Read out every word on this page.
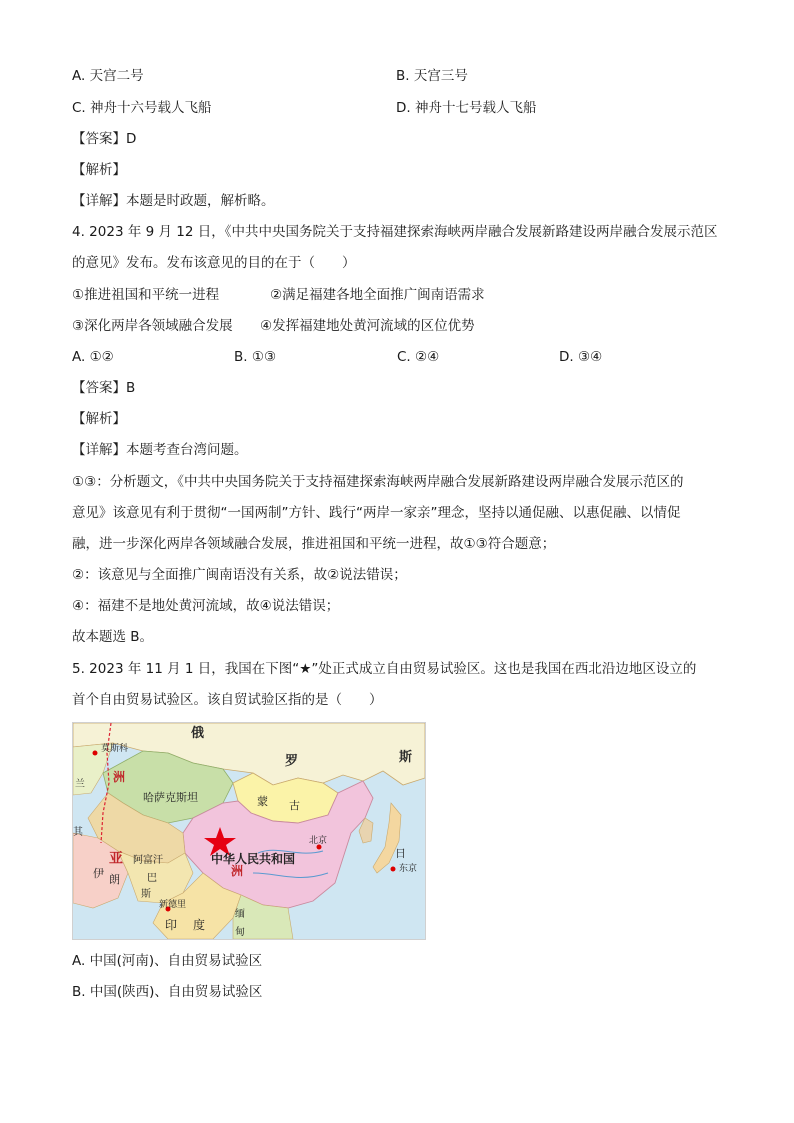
A. 天宫二号	B. 天宫三号
C. 神舟十六号载人飞船	D. 神舟十七号载人飞船
【答案】D
【解析】
【详解】本题是时政题，解析略。
4. 2023 年 9 月 12 日，《中共中央国务院关于支持福建探索海峡两岸融合发展新路建设两岸融合发展示范区
的意见》发布。发布该意见的目的在于（　　）
①推进祖国和平统一进程	②满足福建各地全面推广闽南语需求
③深化两岸各领域融合发展 ④发挥福建地处黄河流域的区位优势
A. ①②	B. ①③	C. ②④	D. ③④
【答案】B
【解析】
【详解】本题考查台湾问题。
①③：分析题文，《中共中央国务院关于支持福建探索海峡两岸融合发展新路建设两岸融合发展示范区的
意见》该意见有利于贯彻“一国两制”方针、践行“两岸一家亲”理念，坚持以通促融、以惠促融、以情促
融，进一步深化两岸各领域融合发展，推进祖国和平统一进程，故①③符合题意；
②：该意见与全面推广闽南语没有关系，故②说法错误；
④：福建不是地处黄河流域，故④说法错误；
故本题选 B。
5. 2023 年 11 月 1 日，我国在下图“★”处正式成立自由贸易试验区。这也是我国在西北沿边地区设立的
首个自由贸易试验区。该自贸试验区指的是（　　）
俄
罗	斯
莫斯科
洲
哈萨克斯坦	蒙 古
北京
中华人民共和国
东京
日
兰
其
亚
洲
伊 朗
阿富汗
巴
斯
新德里
印 度
缅
甸
A. 中国(河南)、自由贸易试验区
B. 中国(陕西)、自由贸易试验区
